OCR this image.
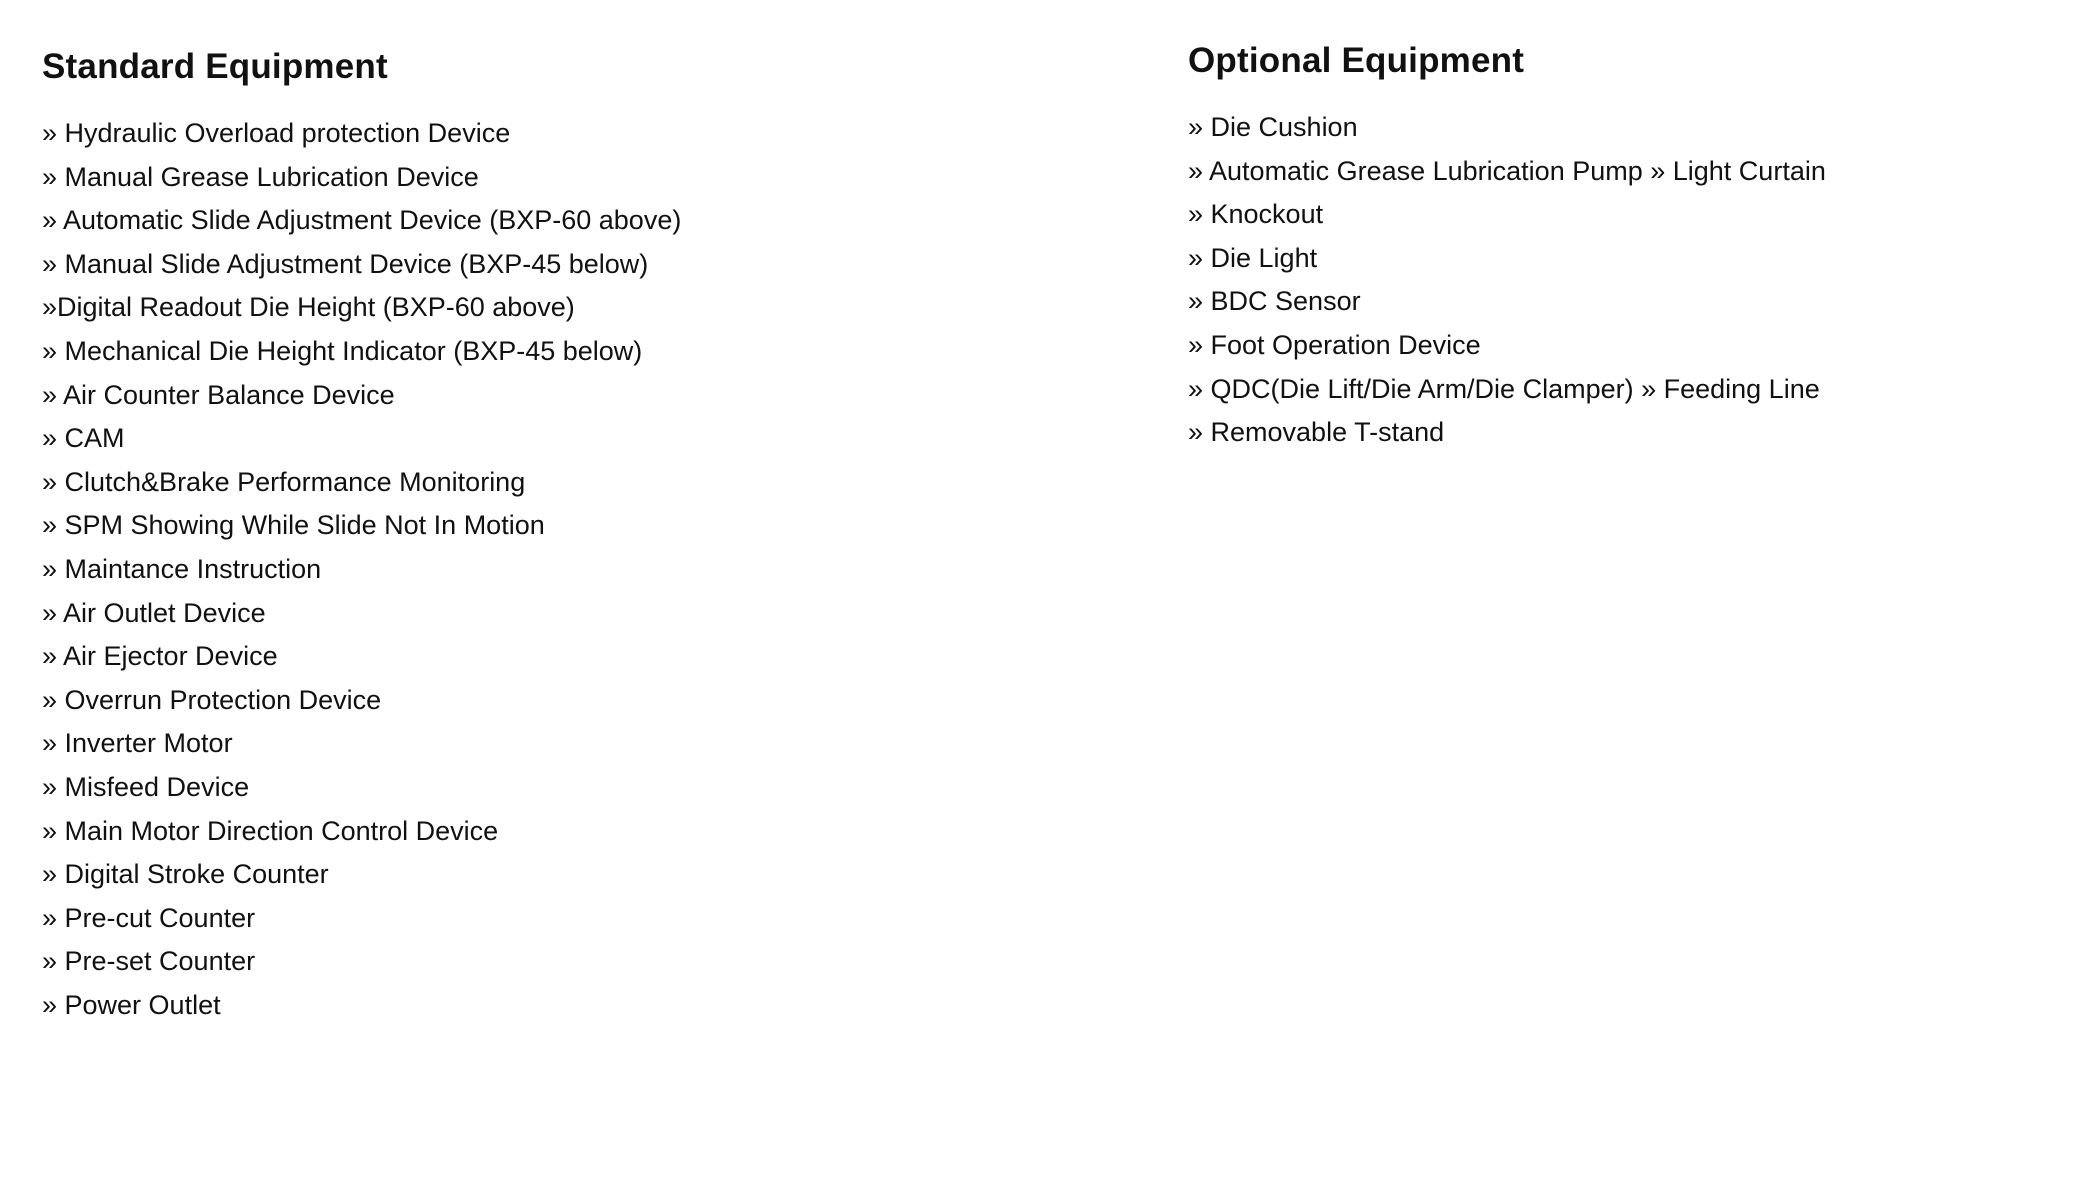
Standard Equipment
» Hydraulic Overload protection Device
» Manual Grease Lubrication Device
» Automatic Slide Adjustment Device (BXP-60 above)
» Manual Slide Adjustment Device (BXP-45 below)
»Digital Readout Die Height (BXP-60 above)
» Mechanical Die Height Indicator (BXP-45 below)
» Air Counter Balance Device
» CAM
» Clutch&Brake Performance Monitoring
» SPM Showing While Slide Not In Motion
» Maintance Instruction
» Air Outlet Device
» Air Ejector Device
» Overrun Protection Device
» Inverter Motor
» Misfeed Device
» Main Motor Direction Control Device
» Digital Stroke Counter
» Pre-cut Counter
» Pre-set Counter
» Power Outlet
Optional Equipment
» Die Cushion
» Automatic Grease Lubrication Pump » Light Curtain
» Knockout
» Die Light
» BDC Sensor
» Foot Operation Device
» QDC(Die Lift/Die Arm/Die Clamper) » Feeding Line
» Removable T-stand
